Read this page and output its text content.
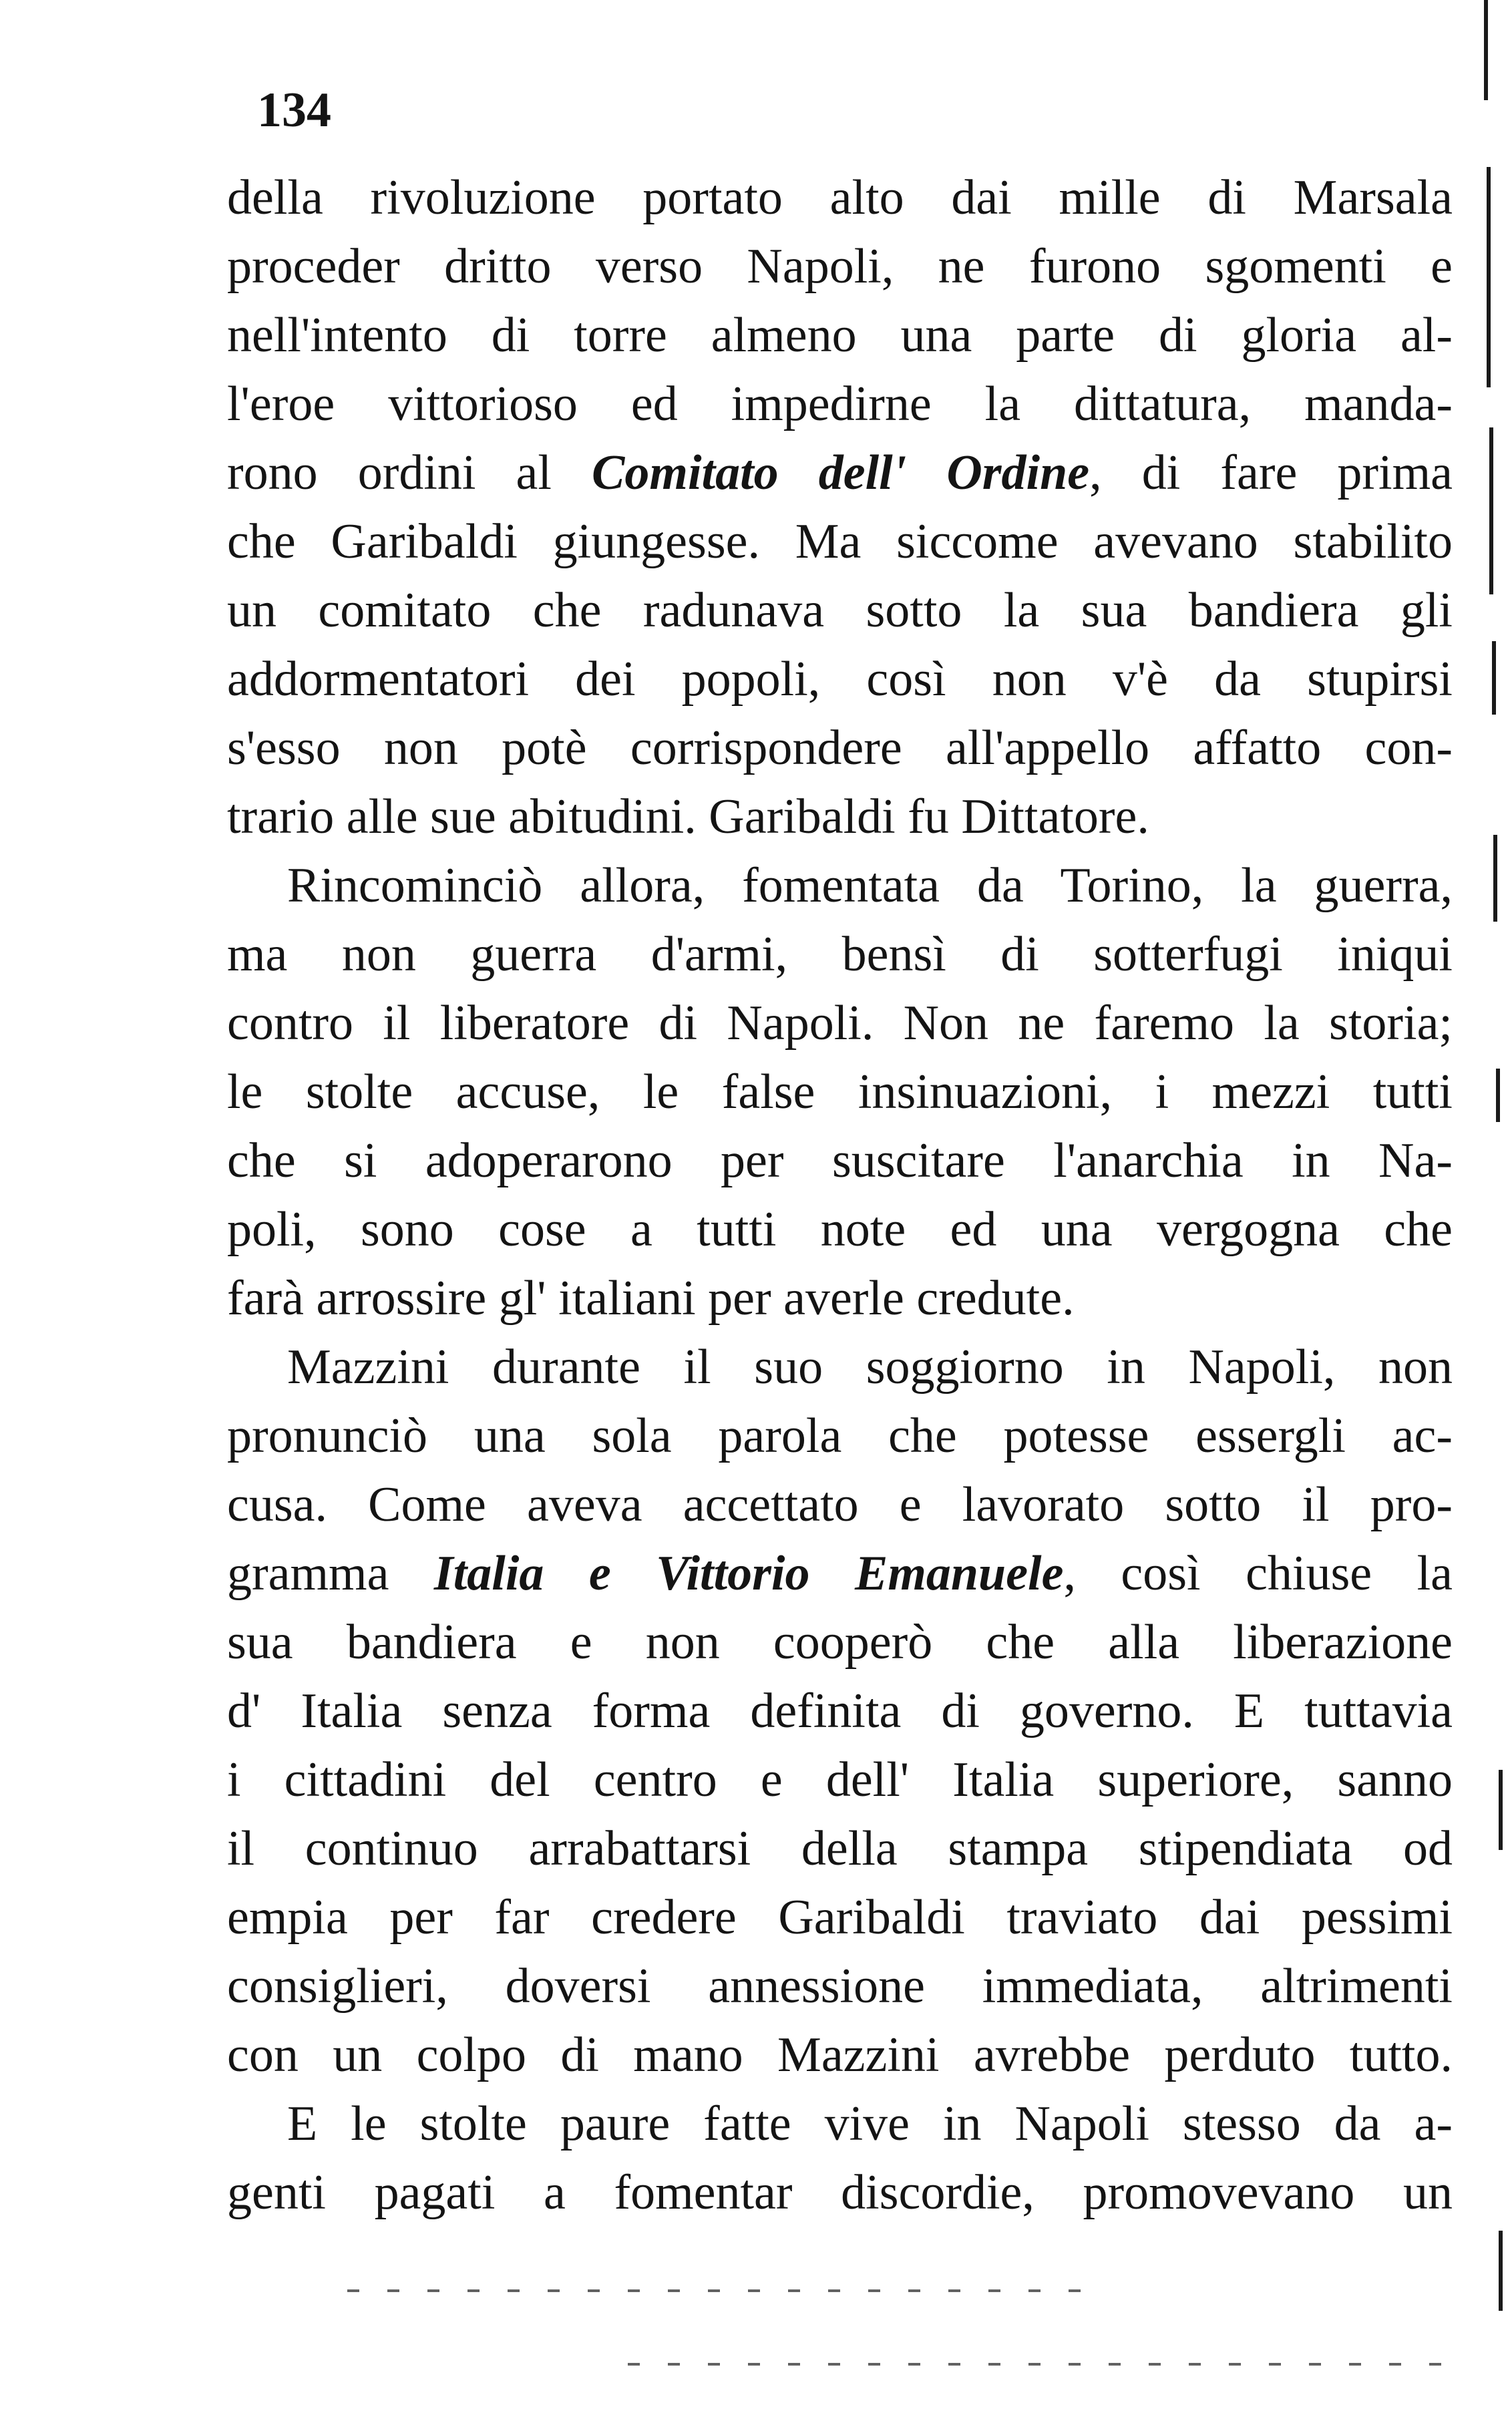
134
della rivoluzione portato alto dai mille di Marsala
proceder dritto verso Napoli, ne furono sgomenti e
nell'intento di torre almeno una parte di gloria al-
l'eroe vittorioso ed impedirne la dittatura, manda-
rono ordini al Comitato dell' Ordine, di fare prima
che Garibaldi giungesse. Ma siccome avevano stabilito
un comitato che radunava sotto la sua bandiera gli
addormentatori dei popoli, così non v'è da stupirsi
s'esso non potè corrispondere all'appello affatto con-
trario alle sue abitudini. Garibaldi fu Dittatore.
Rincominciò allora, fomentata da Torino, la guerra,
ma non guerra d'armi, bensì di sotterfugi iniqui
contro il liberatore di Napoli. Non ne faremo la storia;
le stolte accuse, le false insinuazioni, i mezzi tutti
che si adoperarono per suscitare l'anarchia in Na-
poli, sono cose a tutti note ed una vergogna che
farà arrossire gl' italiani per averle credute.
Mazzini durante il suo soggiorno in Napoli, non
pronunciò una sola parola che potesse essergli ac-
cusa. Come aveva accettato e lavorato sotto il pro-
gramma Italia e Vittorio Emanuele, così chiuse la
sua bandiera e non cooperò che alla liberazione
d' Italia senza forma definita di governo. E tuttavia
i cittadini del centro e dell' Italia superiore, sanno
il continuo arrabattarsi della stampa stipendiata od
empia per far credere Garibaldi traviato dai pessimi
consiglieri, doversi annessione immediata, altrimenti
con un colpo di mano Mazzini avrebbe perduto tutto.
E le stolte paure fatte vive in Napoli stesso da a-
genti pagati a fomentar discordie, promovevano un
